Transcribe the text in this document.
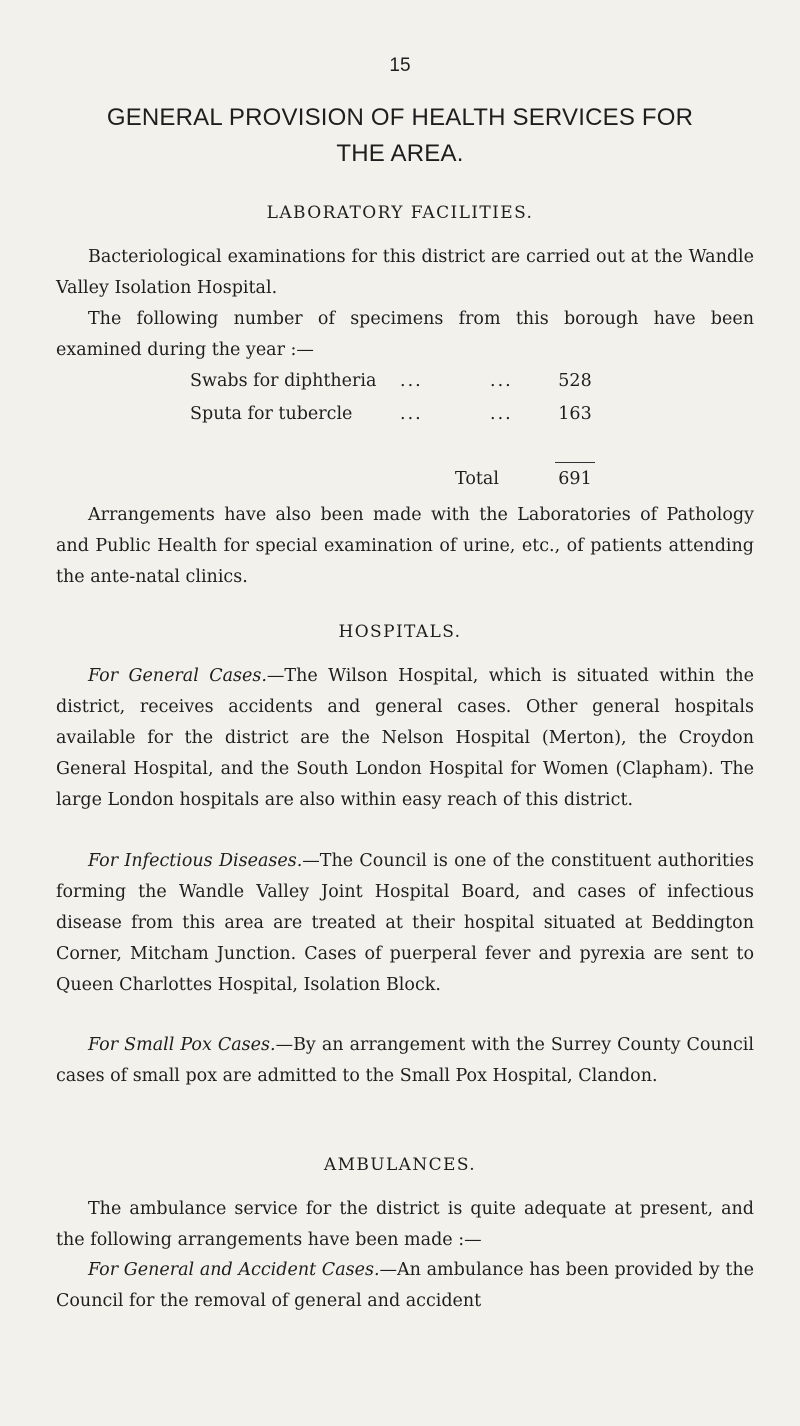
15
GENERAL PROVISION OF HEALTH SERVICES FOR
THE AREA.
LABORATORY FACILITIES.

Bacteriological examinations for this district are carried out at the Wandle Valley Isolation Hospital.

The following number of specimens from this borough have been examined during the year :—

Swabs for diphtheria ...	...	528
Sputa for tubercle	...	...	163
Total	691

Arrangements have also been made with the Laboratories of Pathology and Public Health for special examination of urine, etc., of patients attending the ante-natal clinics.

HOSPITALS.

For General Cases.—The Wilson Hospital, which is situated within the district, receives accidents and general cases. Other general hospitals available for the district are the Nelson Hospital (Merton), the Croydon General Hospital, and the South London Hospital for Women (Clapham). The large London hospitals are also within easy reach of this district.

For Infectious Diseases.—The Council is one of the constituent authorities forming the Wandle Valley Joint Hospital Board, and cases of infectious disease from this area are treated at their hospital situated at Beddington Corner, Mitcham Junction. Cases of puerperal fever and pyrexia are sent to Queen Charlottes Hospital, Isolation Block.

For Small Pox Cases.—By an arrangement with the Surrey County Council cases of small pox are admitted to the Small Pox Hospital, Clandon.

AMBULANCES.

The ambulance service for the district is quite adequate at present, and the following arrangements have been made :—

For General and Accident Cases.—An ambulance has been provided by the Council for the removal of general and accident
